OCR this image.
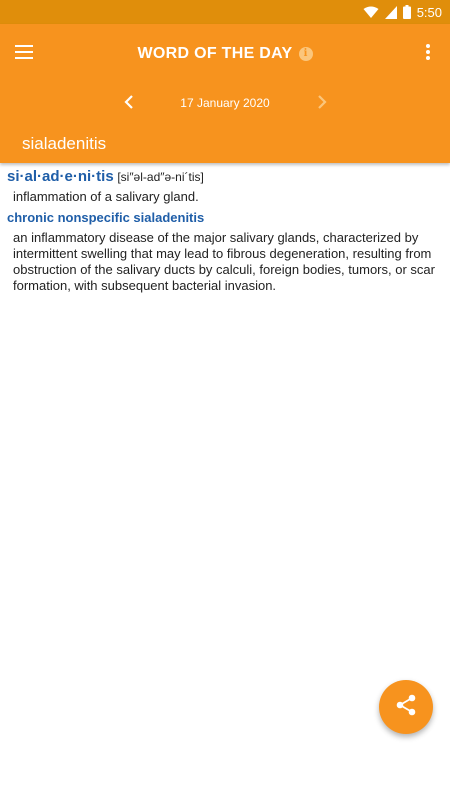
5:50
WORD OF THE DAY	i
17 January 2020
sialadenitis
si·al·ad·e·ni·tis [si″əl-ad″ə-ni´tis]
inflammation of a salivary gland.
chronic nonspecific sialadenitis
an inflammatory disease of the major salivary glands, characterized by intermittent swelling that may lead to fibrous degeneration, resulting from obstruction of the salivary ducts by calculi, foreign bodies, tumors, or scar formation, with subsequent bacterial invasion.
